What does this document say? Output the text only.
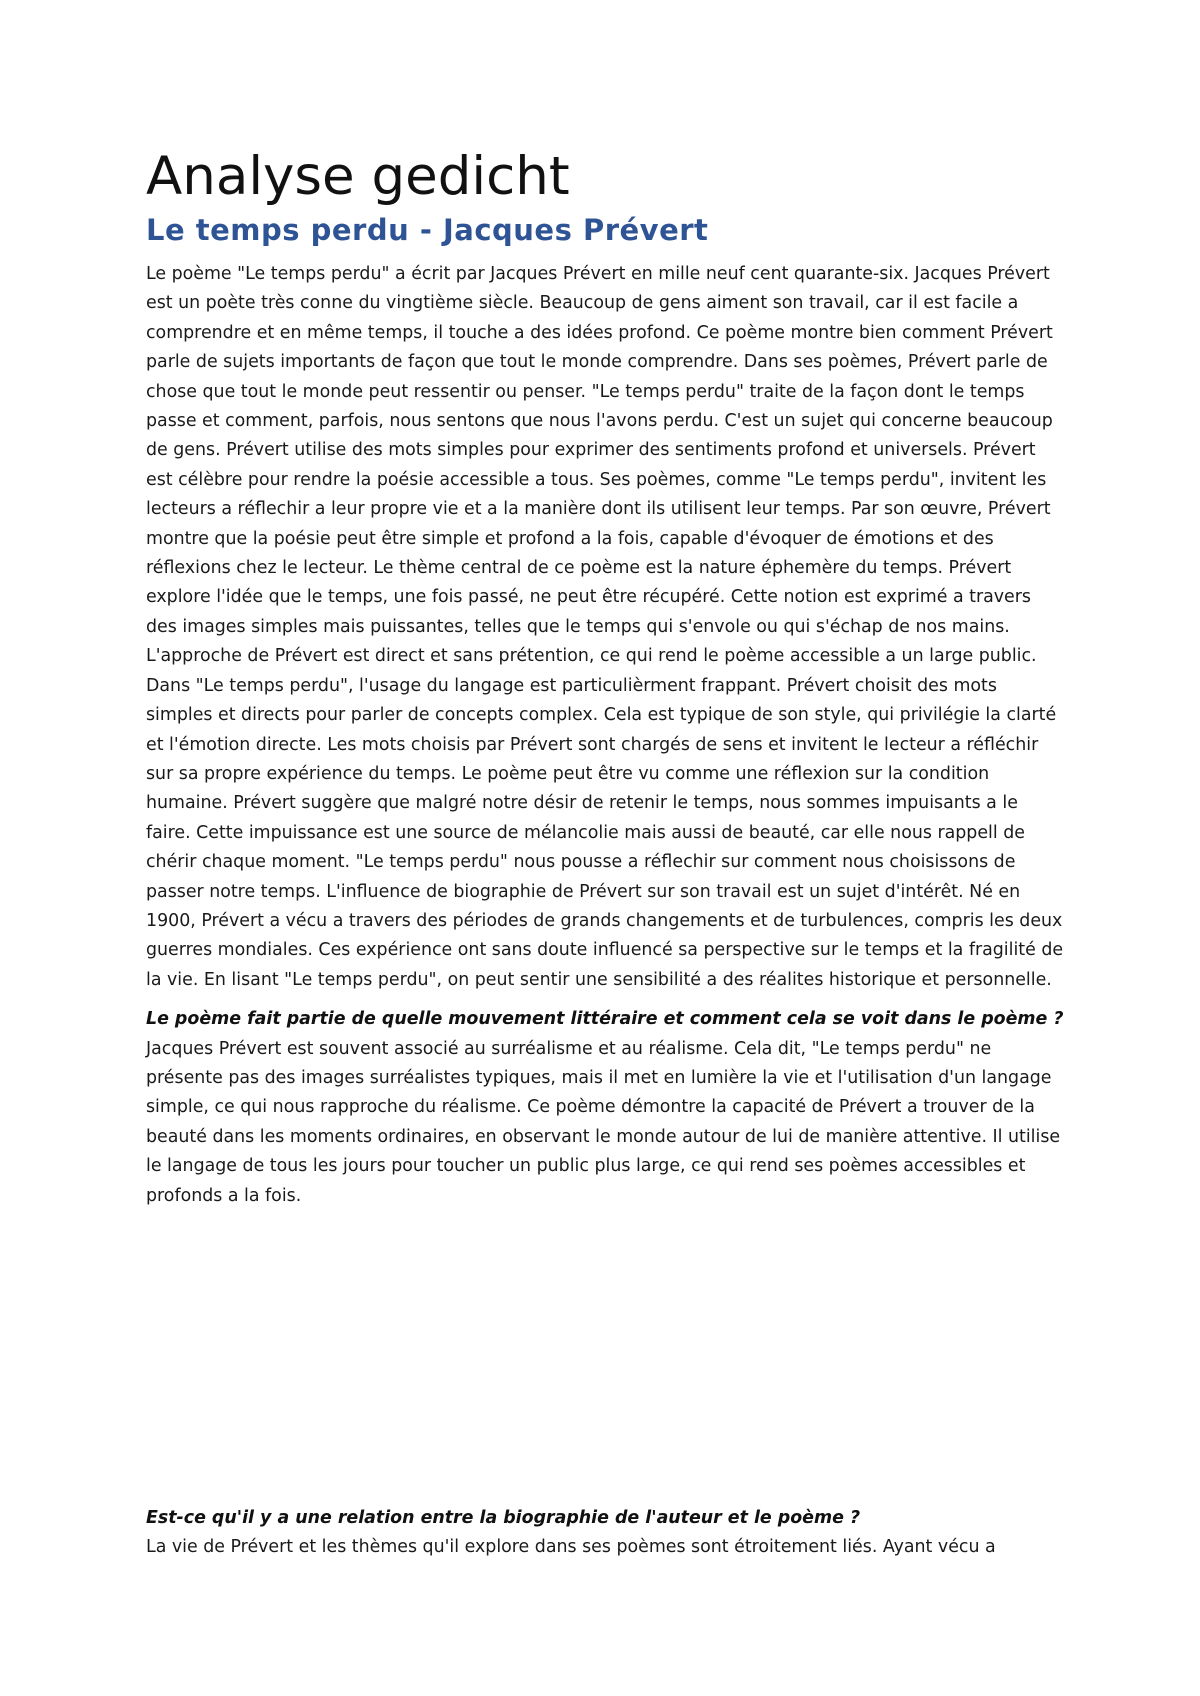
Analyse gedicht
Le temps perdu - Jacques Prévert

Le poème "Le temps perdu" a écrit par Jacques Prévert en mille neuf cent quarante-six. Jacques Prévert est un poète très conne du vingtième siècle. Beaucoup de gens aiment son travail, car il est facile a comprendre et en même temps, il touche a des idées profond. Ce poème montre bien comment Prévert parle de sujets importants de façon que tout le monde comprendre. Dans ses poèmes, Prévert parle de chose que tout le monde peut ressentir ou penser. "Le temps perdu" traite de la façon dont le temps passe et comment, parfois, nous sentons que nous l'avons perdu. C'est un sujet qui concerne beaucoup de gens. Prévert utilise des mots simples pour exprimer des sentiments profond et universels. Prévert est célèbre pour rendre la poésie accessible a tous. Ses poèmes, comme "Le temps perdu", invitent les lecteurs a réflechir a leur propre vie et a la manière dont ils utilisent leur temps. Par son œuvre, Prévert montre que la poésie peut être simple et profond a la fois, capable d'évoquer de émotions et des réflexions chez le lecteur. Le thème central de ce poème est la nature éphemère du temps. Prévert explore l'idée que le temps, une fois passé, ne peut être récupéré. Cette notion est exprimé a travers des images simples mais puissantes, telles que le temps qui s'envole ou qui s'échap de nos mains. L'approche de Prévert est direct et sans prétention, ce qui rend le poème accessible a un large public. Dans "Le temps perdu", l'usage du langage est particulièrment frappant. Prévert choisit des mots simples et directs pour parler de concepts complex. Cela est typique de son style, qui privilégie la clarté et l'émotion directe. Les mots choisis par Prévert sont chargés de sens et invitent le lecteur a réfléchir sur sa propre expérience du temps. Le poème peut être vu comme une réflexion sur la condition humaine. Prévert suggère que malgré notre désir de retenir le temps, nous sommes impuisants a le faire. Cette impuissance est une source de mélancolie mais aussi de beauté, car elle nous rappell de chérir chaque moment. "Le temps perdu" nous pousse a réflechir sur comment nous choisissons de passer notre temps. L'influence de biographie de Prévert sur son travail est un sujet d'intérêt. Né en 1900, Prévert a vécu a travers des périodes de grands changements et de turbulences, compris les deux guerres mondiales. Ces expérience ont sans doute influencé sa perspective sur le temps et la fragilité de la vie. En lisant "Le temps perdu", on peut sentir une sensibilité a des réalites historique et personnelle.

Le poème fait partie de quelle mouvement littéraire et comment cela se voit dans le poème ?

Jacques Prévert est souvent associé au surréalisme et au réalisme. Cela dit, "Le temps perdu" ne présente pas des images surréalistes typiques, mais il met en lumière la vie et l'utilisation d'un langage simple, ce qui nous rapproche du réalisme. Ce poème démontre la capacité de Prévert a trouver de la beauté dans les moments ordinaires, en observant le monde autour de lui de manière attentive. Il utilise le langage de tous les jours pour toucher un public plus large, ce qui rend ses poèmes accessibles et profonds a la fois.

Est-ce qu'il y a une relation entre la biographie de l'auteur et le poème ?

La vie de Prévert et les thèmes qu'il explore dans ses poèmes sont étroitement liés. Ayant vécu a
